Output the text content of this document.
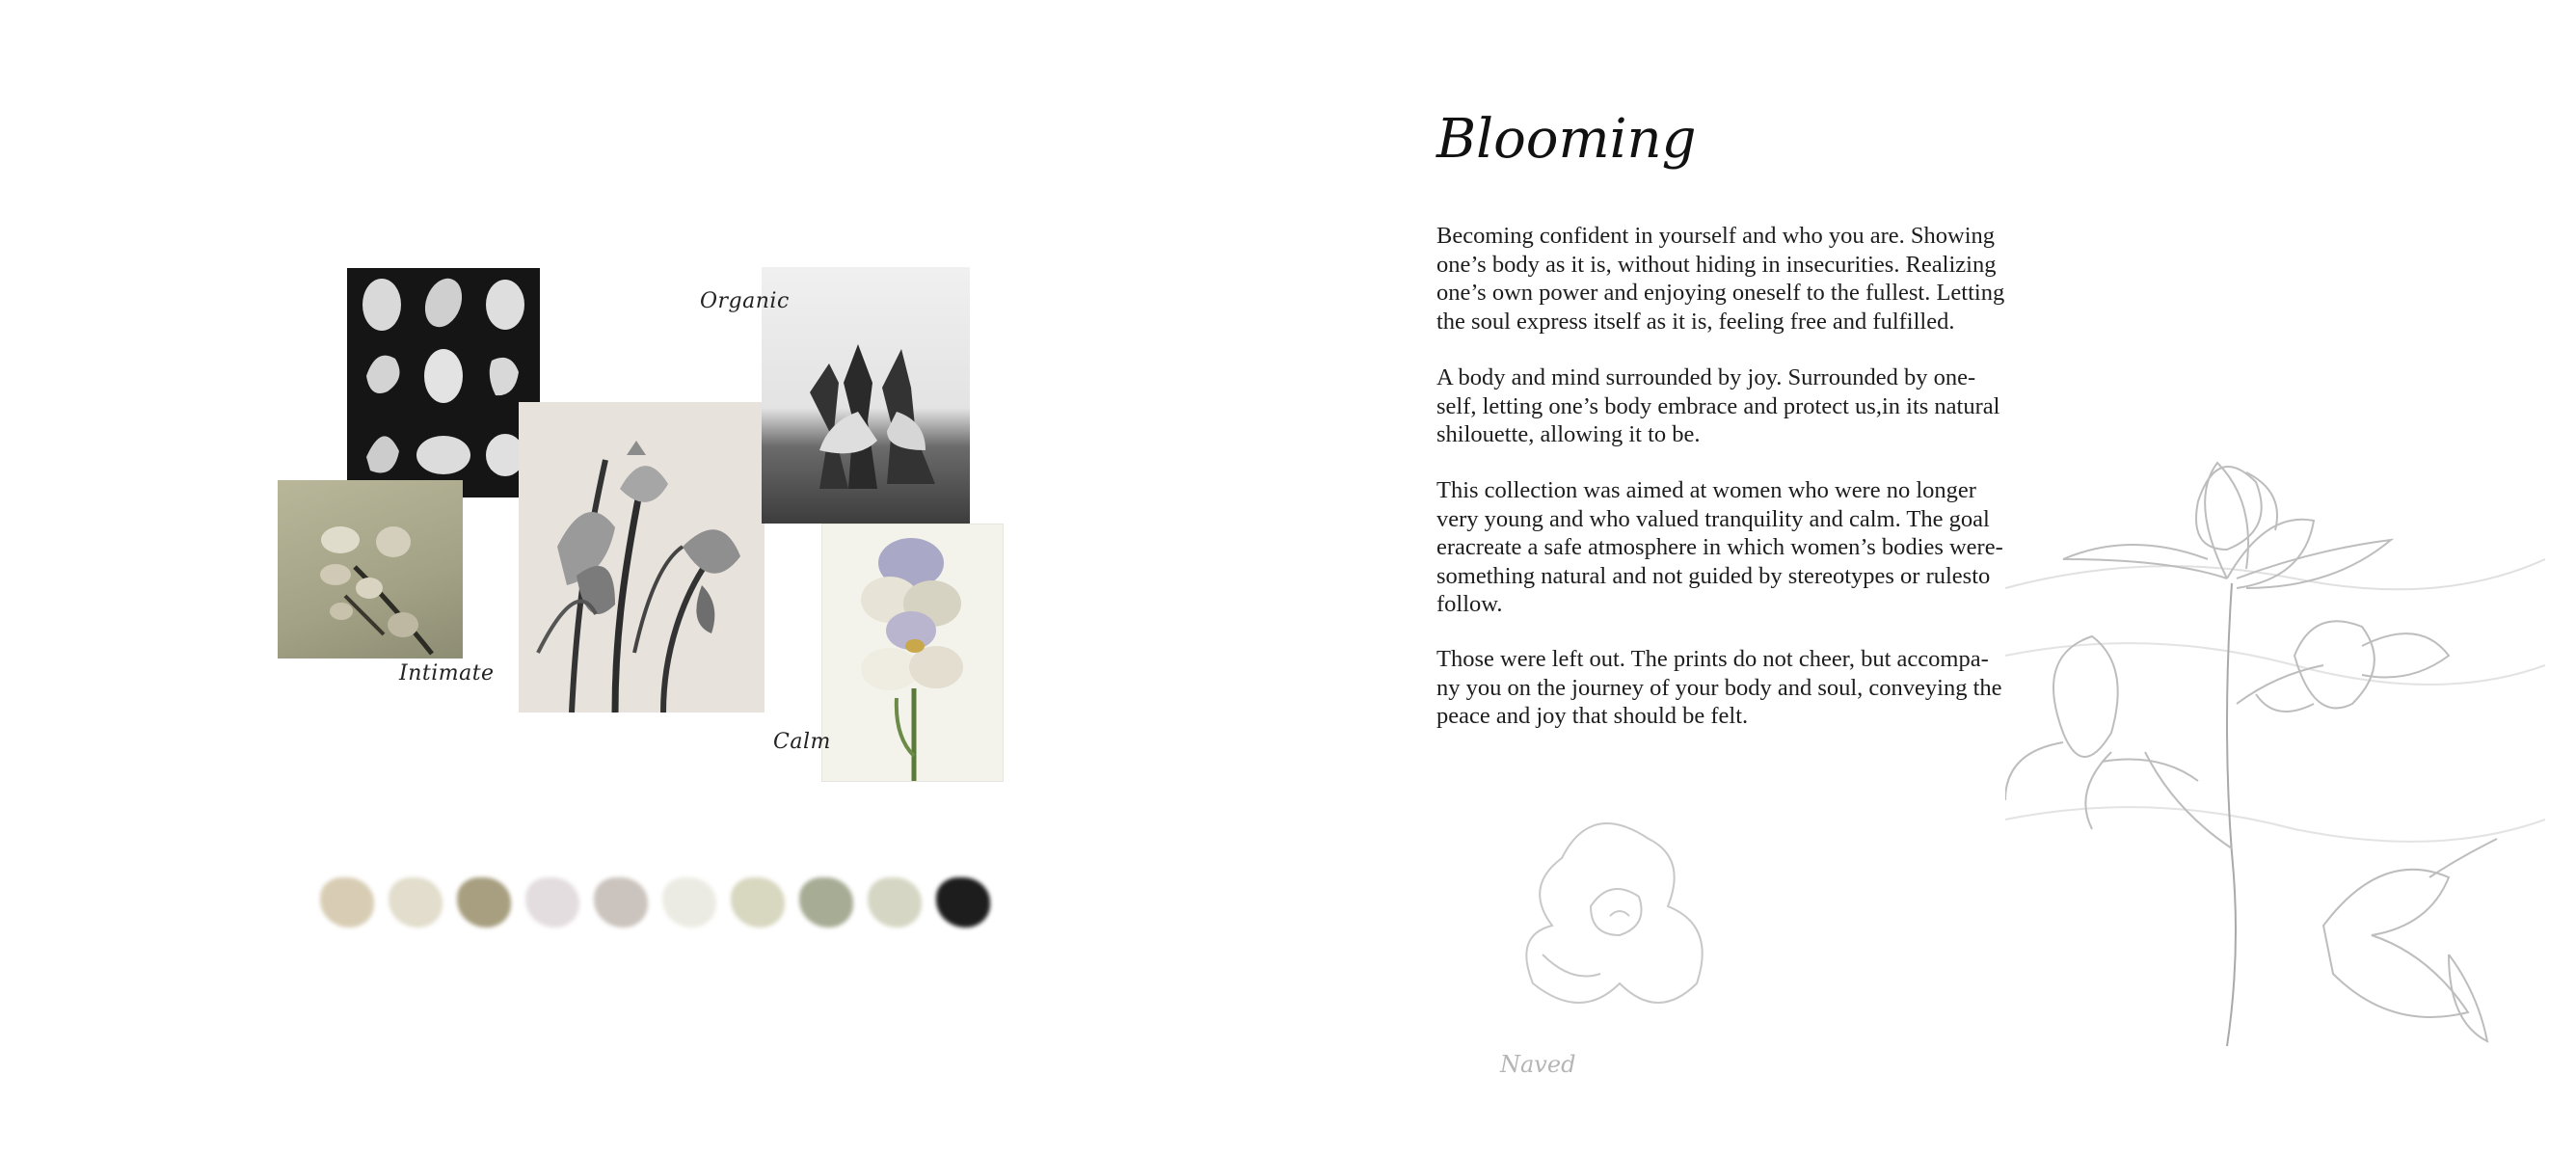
Organic
Intimate
Calm
Blooming

Becoming confident in yourself and who you are. Showing one’s body as it is, without hiding in insecurities. Realizing one’s own power and enjoying oneself to the fullest. Letting the soul express itself as it is, feeling free and fulfilled.

A body and mind surrounded by joy. Surrounded by one-self, letting one’s body embrace and protect us,in its natural shilouette, allowing it to be.

This collection was aimed at women who were no longer very young and who valued tranquility and calm. The goal eracreate a safe atmosphere in which women’s bodies were-something natural and not guided by stereotypes or rulesto follow.

Those were left out. The prints do not cheer, but accompa-ny you on the journey of your body and soul, conveying the peace and joy that should be felt.

Naved
